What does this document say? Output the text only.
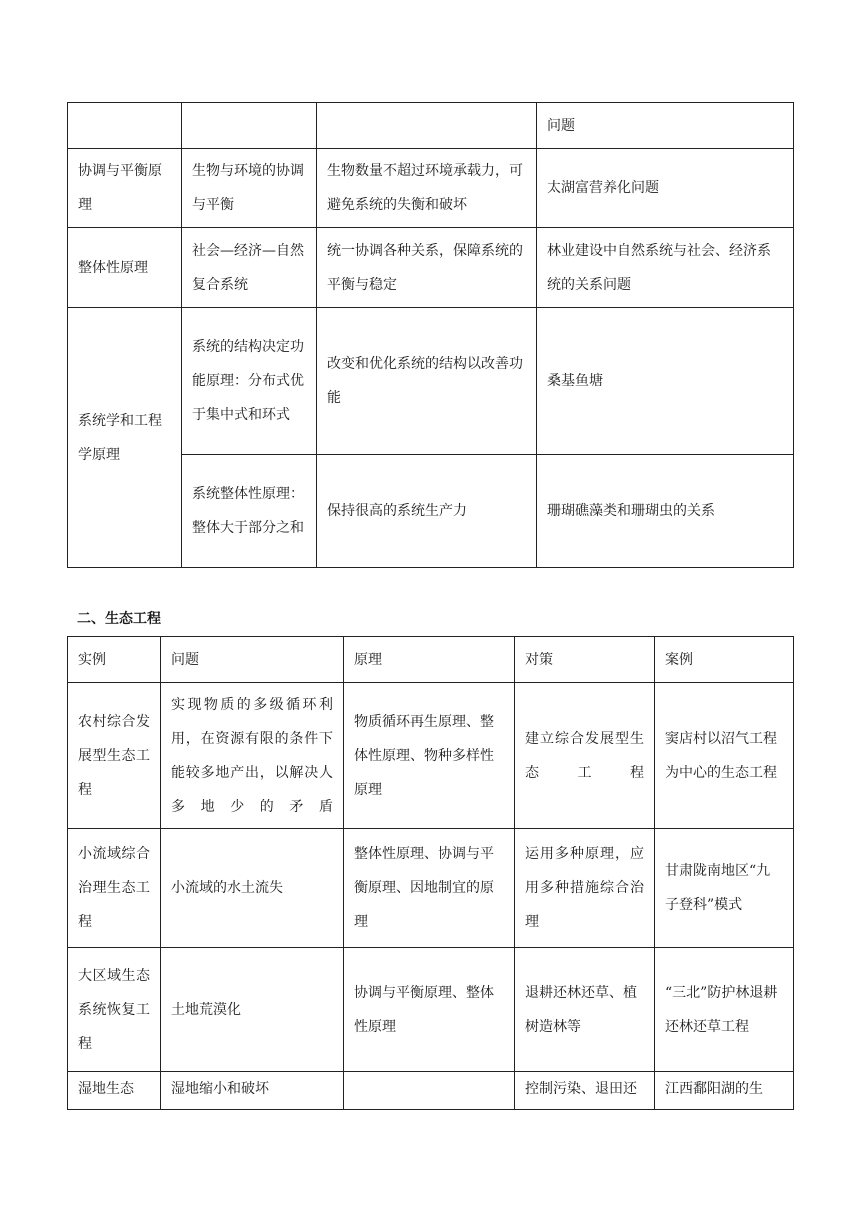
			问题
协调与平衡原理	生物与环境的协调与平衡	生物数量不超过环境承载力，可避免系统的失衡和破坏	太湖富营养化问题
整体性原理	社会—经济—自然复合系统	统一协调各种关系，保障系统的平衡与稳定	林业建设中自然系统与社会、经济系统的关系问题
系统学和工程学原理	系统的结构决定功能原理：分布式优于集中式和环式	改变和优化系统的结构以改善功能	桑基鱼塘
	系统整体性原理：整体大于部分之和	保持很高的系统生产力	珊瑚礁藻类和珊瑚虫的关系
二、生态工程
实例	问题	原理	对策	案例
农村综合发展型生态工程	实现物质的多级循环利用，在资源有限的条件下能较多地产出，以解决人多地少的矛盾	物质循环再生原理、整体性原理、物种多样性原理	建立综合发展型生态工程	窦店村以沼气工程为中心的生态工程
小流域综合治理生态工程	小流域的水土流失	整体性原理、协调与平衡原理、因地制宜的原理	运用多种原理，应用多种措施综合治理	甘肃陇南地区“九子登科”模式
大区域生态系统恢复工程	土地荒漠化	协调与平衡原理、整体性原理	退耕还林还草、植树造林等	“三北”防护林退耕还林还草工程
湿地生态	湿地缩小和破坏		控制污染、退田还	江西鄱阳湖的生
